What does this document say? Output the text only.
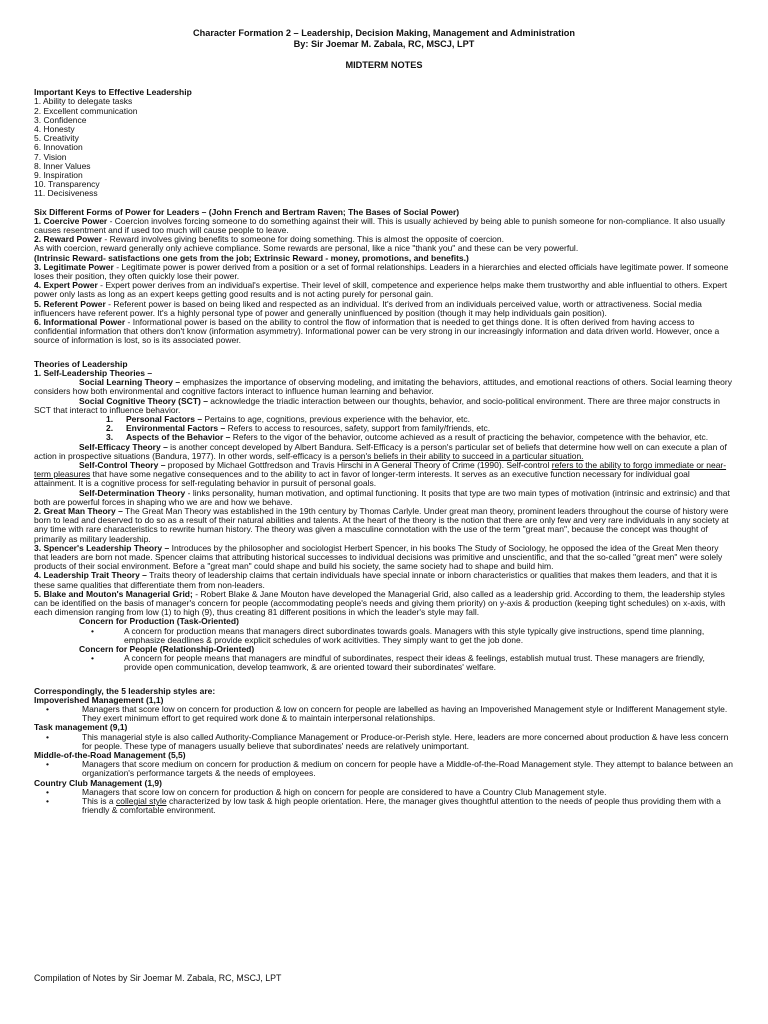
Character Formation 2 – Leadership, Decision Making, Management and Administration
By: Sir Joemar M. Zabala, RC, MSCJ, LPT
MIDTERM NOTES
Important Keys to Effective Leadership
1. Ability to delegate tasks
2. Excellent communication
3. Confidence
4. Honesty
5. Creativity
6. Innovation
7. Vision
8. Inner Values
9. Inspiration
10. Transparency
11. Decisiveness
Six Different Forms of Power for Leaders – (John French and Bertram Raven; The Bases of Social Power)

1. Coercive Power - Coercion involves forcing someone to do something against their will. This is usually achieved by being able to punish someone for non-compliance. It also usually causes resentment and if used too much will cause people to leave.

2. Reward Power - Reward involves giving benefits to someone for doing something. This is almost the opposite of coercion.

As with coercion, reward generally only achieve compliance. Some rewards are personal, like a nice "thank you" and these can be very powerful.

(Intrinsic Reward- satisfactions one gets from the job; Extrinsic Reward - money, promotions, and benefits.)

3. Legitimate Power - Legitimate power is power derived from a position or a set of formal relationships. Leaders in a hierarchies and elected officials have legitimate power. If someone loses their position, they often quickly lose their power.

4. Expert Power - Expert power derives from an individual's expertise. Their level of skill, competence and experience helps make them trustworthy and able influential to others. Expert power only lasts as long as an expert keeps getting good results and is not acting purely for personal gain.

5. Referent Power - Referent power is based on being liked and respected as an individual. It's derived from an individuals perceived value, worth or attractiveness. Social media influencers have referent power. It's a highly personal type of power and generally uninfluenced by position (though it may help individuals gain position).

6. Informational Power - Informational power is based on the ability to control the flow of information that is needed to get things done. It is often derived from having access to confidential information that others don't know (information asymmetry). Informational power can be very strong in our increasingly information and data driven world. However, once a source of information is lost, so is its associated power.

Theories of Leadership
1. Self-Leadership Theories –

Social Learning Theory – emphasizes the importance of observing modeling, and imitating the behaviors, attitudes, and emotional reactions of others. Social learning theory considers how both environmental and cognitive factors interact to influence human learning and behavior.

Social Cognitive Theory (SCT) – acknowledge the triadic interaction between our thoughts, behavior, and socio-political environment. There are three major constructs in SCT that interact to influence behavior.

1.	Personal Factors – Pertains to age, cognitions, previous experience with the behavior, etc.
2.	Environmental Factors – Refers to access to resources, safety, support from family/friends, etc.
3.	Aspects of the Behavior – Refers to the vigor of the behavior, outcome achieved as a result of practicing the behavior, competence with the behavior, etc.

Self-Efficacy Theory – is another concept developed by Albert Bandura. Self-Efficacy is a person's particular set of beliefs that determine how well on can execute a plan of action in prospective situations (Bandura, 1977). In other words, self-efficacy is a person's beliefs in their ability to succeed in a particular situation.

Self-Control Theory – proposed by Michael Gottfredson and Travis Hirschi in A General Theory of Crime (1990). Self-control refers to the ability to forgo immediate or near-term pleasures that have some negative consequences and to the ability to act in favor of longer-term interests. It serves as an executive function necessary for individual goal attainment. It is a cognitive process for self-regulating behavior in pursuit of personal goals.

Self-Determination Theory - links personality, human motivation, and optimal functioning. It posits that type are two main types of motivation (intrinsic and extrinsic) and that both are powerful forces in shaping who we are and how we behave.

2. Great Man Theory – The Great Man Theory was established in the 19th century by Thomas Carlyle. Under great man theory, prominent leaders throughout the course of history were born to lead and deserved to do so as a result of their natural abilities and talents. At the heart of the theory is the notion that there are only few and very rare individuals in any society at any time with rare characteristics to rewrite human history. The theory was given a masculine connotation with the use of the term "great man", because the concept was thought of primarily as military leadership.

3. Spencer's Leadership Theory – Introduces by the philosopher and sociologist Herbert Spencer, in his books The Study of Sociology, he opposed the idea of the Great Men theory that leaders are born not made. Spencer claims that attributing historical successes to individual decisions was primitive and unscientific, and that the so-called "great men" were solely products of their social environment. Before a "great man" could shape and build his society, the same society had to shape and build him.

4. Leadership Trait Theory – Traits theory of leadership claims that certain individuals have special innate or inborn characteristics or qualities that makes them leaders, and that it is these same qualities that differentiate them from non-leaders.

5. Blake and Mouton's Managerial Grid; - Robert Blake & Jane Mouton have developed the Managerial Grid, also called as a leadership grid. According to them, the leadership styles can be identified on the basis of manager's concern for people (accommodating people's needs and giving them priority) on y-axis & production (keeping tight schedules) on x-axis, with each dimension ranging from low (1) to high (9), thus creating 81 different positions in which the leader's style may fall.

Concern for Production (Task-Oriented)
•	A concern for production means that managers direct subordinates towards goals. Managers with this style typically give instructions, spend time planning, emphasize deadlines & provide explicit schedules of work acitivities. They simply want to get the job done.
Concern for People (Relationship-Oriented)
•	A concern for people means that managers are mindful of subordinates, respect their ideas & feelings, establish mutual trust. These managers are friendly, provide open communication, develop teamwork, & are oriented toward their subordinates' welfare.
Correspondingly, the 5 leadership styles are:
Impoverished Management (1,1)
•	Managers that score low on concern for production & low on concern for people are labelled as having an Impoverished Management style or Indifferent Management style. They exert minimum effort to get required work done & to maintain interpersonal relationships.
Task management (9,1)
•	This managerial style is also called Authority-Compliance Management or Produce-or-Perish style. Here, leaders are more concerned about production & have less concern for people. These type of managers usually believe that subordinates' needs are relatively unimportant.
Middle-of-the-Road Management (5,5)
•	Managers that score medium on concern for production & medium on concern for people have a Middle-of-the-Road Management style. They attempt to balance between an organization's performance targets & the needs of employees.
Country Club Management (1,9)
•	Managers that score low on concern for production & high on concern for people are considered to have a Country Club Management style.
•	This is a collegial style characterized by low task & high people orientation. Here, the manager gives thoughtful attention to the needs of people thus providing them with a friendly & comfortable environment.
Compilation of Notes by Sir Joemar M. Zabala, RC, MSCJ, LPT
